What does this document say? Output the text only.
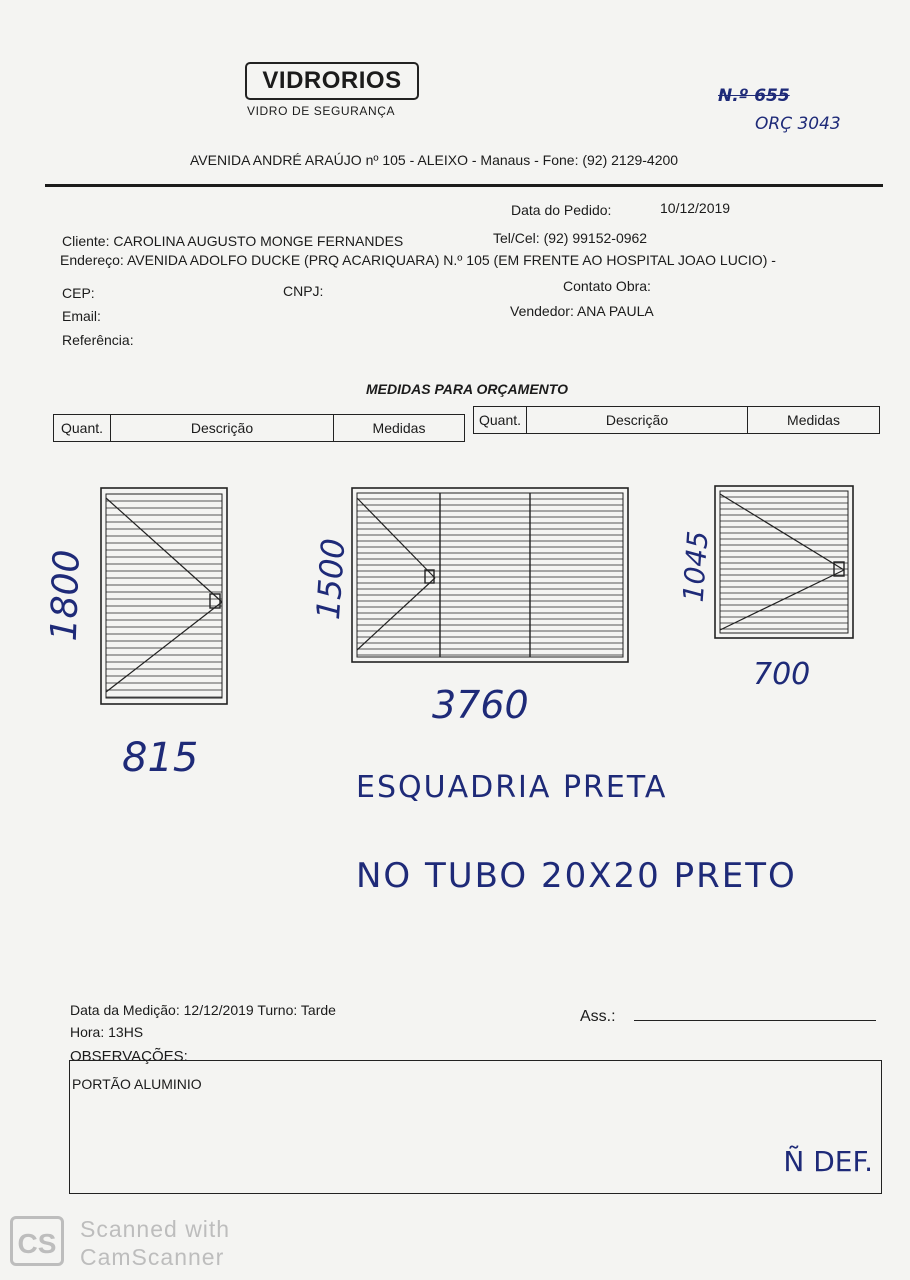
VIDRORIOS
VIDRO DE SEGURANÇA
N.º 655
ORÇ 3043
AVENIDA ANDRÉ ARAÚJO nº 105 - ALEIXO - Manaus - Fone: (92) 2129-4200
Data do Pedido:	10/12/2019
Cliente: CAROLINA AUGUSTO MONGE FERNANDES	Tel/Cel: (92) 99152-0962
Endereço: AVENIDA ADOLFO DUCKE (PRQ ACARIQUARA) N.º 105 (EM FRENTE AO HOSPITAL JOAO LUCIO) -
CEP:	CNPJ:	Contato Obra:
Email:	Vendedor: ANA PAULA
Referência:
MEDIDAS PARA ORÇAMENTO
Quant.	Descrição	Medidas	Quant.	Descrição	Medidas
1800
815
1500
3760
1045
700
ESQUADRIA PRETA
NO TUBO 20X20 PRETO
Data da Medição: 12/12/2019 Turno: Tarde
Hora: 13HS
Ass.:
OBSERVAÇÕES:
PORTÃO ALUMINIO
Ñ DEF.
CS	Scanned with
CamScanner
